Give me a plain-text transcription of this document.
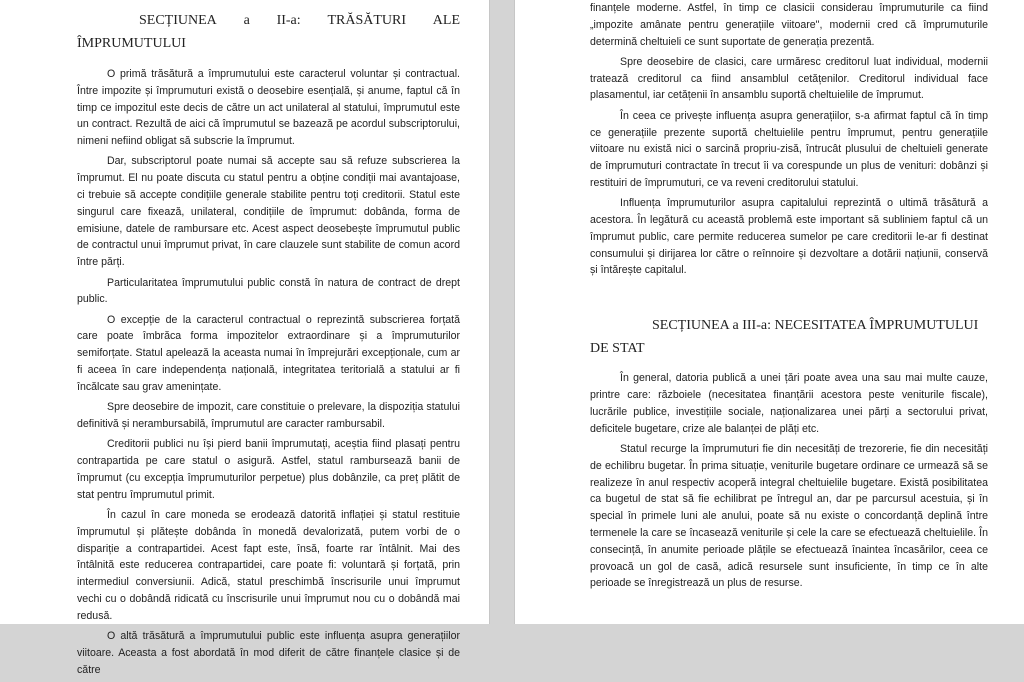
SECȚIUNEA a II-a: TRĂSĂTURI ALE
ÎMPRUMUTULUI

O primă trăsătură a împrumutului este caracterul voluntar și contractual. Între impozite și împrumuturi există o deosebire esențială, și anume, faptul că în timp ce impozitul este decis de către un act unilateral al statului, împrumutul este un contract. Rezultă de aici că împrumutul se bazează pe acordul subscriptorului, nimeni nefiind obligat să subscrie la împrumut.

Dar, subscriptorul poate numai să accepte sau să refuze subscrierea la împrumut. El nu poate discuta cu statul pentru a obține condiții mai avantajoase, ci trebuie să accepte condițiile generale stabilite pentru toți creditorii. Statul este singurul care fixează, unilateral, condițiile de împrumut: dobânda, forma de emisiune, datele de rambursare etc. Acest aspect deosebește împrumutul public de contractul unui împrumut privat, în care clauzele sunt stabilite de comun acord între părți.

Particularitatea împrumutului public constă în natura de contract de drept public.

O excepție de la caracterul contractual o reprezintă subscrierea forțată care poate îmbrăca forma impozitelor extraordinare și a împrumuturilor semiforțate. Statul apelează la aceasta numai în împrejurări excepționale, cum ar fi aceea în care independența națională, integritatea teritorială a statului ar fi încălcate sau grav amenințate.

Spre deosebire de impozit, care constituie o prelevare, la dispoziția statului definitivă și nerambursabilă, împrumutul are caracter rambursabil.

Creditorii publici nu își pierd banii împrumutați, aceștia fiind plasați pentru contrapartida pe care statul o asigură. Astfel, statul rambursează banii de împrumut (cu excepția împrumuturilor perpetue) plus dobânzile, ca preț plătit de stat pentru împrumutul primit.

În cazul în care moneda se erodează datorită inflației și statul restituie împrumutul și plătește dobânda în monedă devalorizată, putem vorbi de o dispariție a contrapartidei. Acest fapt este, însă, foarte rar întâlnit. Mai des întâlnită este reducerea contrapartidei, care poate fi: voluntară și forțată, prin intermediul conversiunii. Adică, statul preschimbă înscrisurile unui împrumut vechi cu o dobândă ridicată cu înscrisurile unui împrumut nou cu o dobândă mai redusă.

O altă trăsătură a împrumutului public este influența asupra generațiilor viitoare. Aceasta a fost abordată în mod diferit de către finanțele clasice și de către

finanțele moderne. Astfel, în timp ce clasicii considerau împrumuturile ca fiind „impozite amânate pentru generațiile viitoare", modernii cred că împrumuturile determină cheltuieli ce sunt suportate de generația prezentă.

Spre deosebire de clasici, care urmăresc creditorul luat individual, modernii tratează creditorul ca fiind ansamblul cetățenilor. Creditorul individual face plasamentul, iar cetățenii în ansamblu suportă cheltuielile de împrumut.

În ceea ce privește influența asupra generațiilor, s-a afirmat faptul că în timp ce generațiile prezente suportă cheltuielile pentru împrumut, pentru generațiile viitoare nu există nici o sarcină propriu-zisă, întrucât plusului de cheltuieli generate de împrumuturi contractate în trecut îi va corespunde un plus de venituri: dobânzi și restituiri de împrumuturi, ce va reveni creditorului statului.

Influența împrumuturilor asupra capitalului reprezintă o ultimă trăsătură a acestora. În legătură cu această problemă este important să subliniem faptul că un împrumut public, care permite reducerea sumelor pe care creditorii le-ar fi destinat consumului și dirijarea lor către o reînnoire și dezvoltare a dotării națiunii, conservă și întărește capitalul.

SECȚIUNEA a III-a: NECESITATEA ÎMPRUMUTULUI
DE STAT

În general, datoria publică a unei țări poate avea una sau mai multe cauze, printre care: războiele (necesitatea finanțării acestora peste veniturile fiscale), lucrările publice, investițiile sociale, naționalizarea unei părți a sectorului privat, deficitele bugetare, crize ale balanței de plăți etc.

Statul recurge la împrumuturi fie din necesități de trezorerie, fie din necesități de echilibru bugetar. În prima situație, veniturile bugetare ordinare ce urmează să se realizeze în anul respectiv acoperă integral cheltuielile bugetare. Există posibilitatea ca bugetul de stat să fie echilibrat pe întregul an, dar pe parcursul acestuia, și în special în primele luni ale anului, poate să nu existe o concordanță deplină între termenele la care se încasează veniturile și cele la care se efectuează cheltuielile. În consecință, în anumite perioade plățile se efectuează înaintea încasărilor, ceea ce provoacă un gol de casă, adică resursele sunt insuficiente, în timp ce în alte perioade se înregistrează un plus de resurse.
